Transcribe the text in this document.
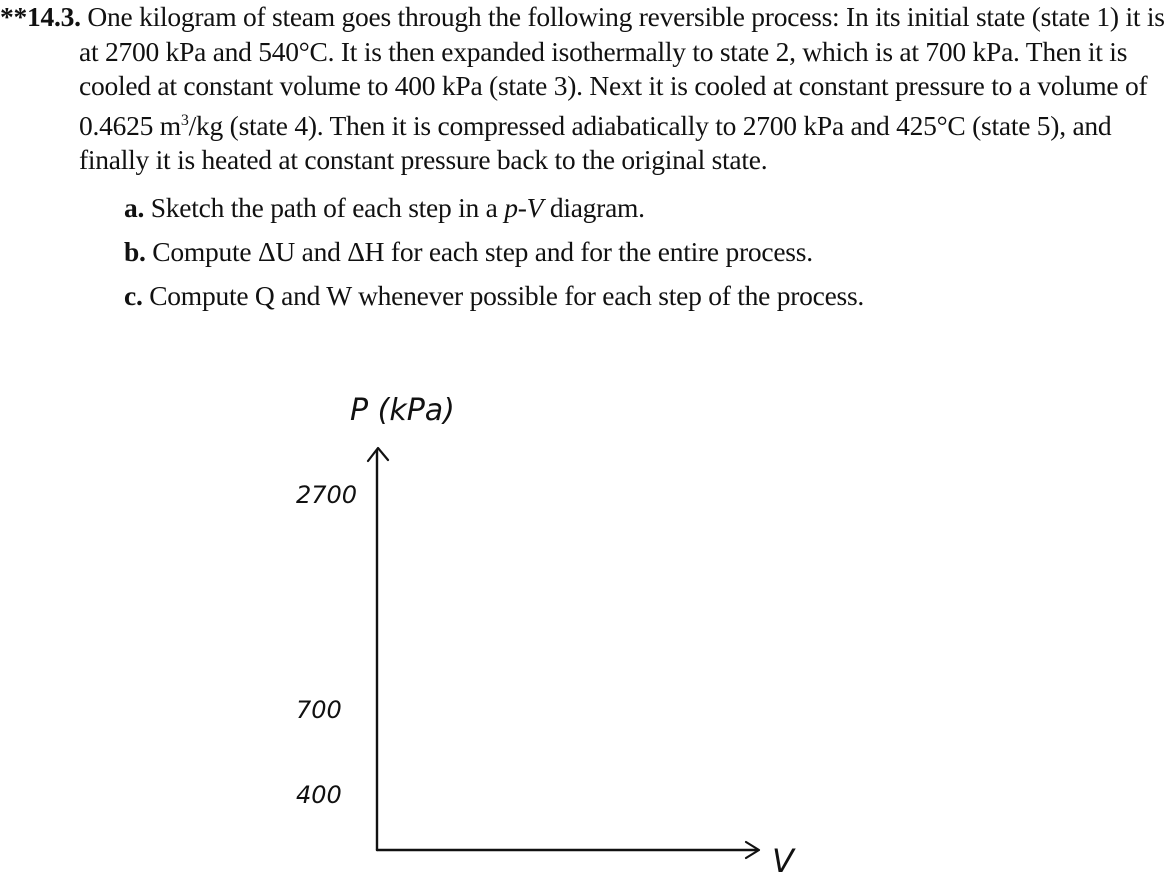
**14.3. One kilogram of steam goes through the following reversible process: In its initial state (state 1) it is at 2700 kPa and 540°C. It is then expanded isothermally to state 2, which is at 700 kPa. Then it is cooled at constant volume to 400 kPa (state 3). Next it is cooled at constant pressure to a volume of 0.4625 $m^3/kg$ (state 4). Then it is compressed adiabatically to 2700 kPa and 425°C (state 5), and finally it is heated at constant pressure back to the original state.

a. Sketch the path of each step in a p-V diagram.
b. Compute ΔU and ΔH for each step and for the entire process.
c. Compute Q and W whenever possible for each step of the process.
P (kPa)
V
2700
700
400
